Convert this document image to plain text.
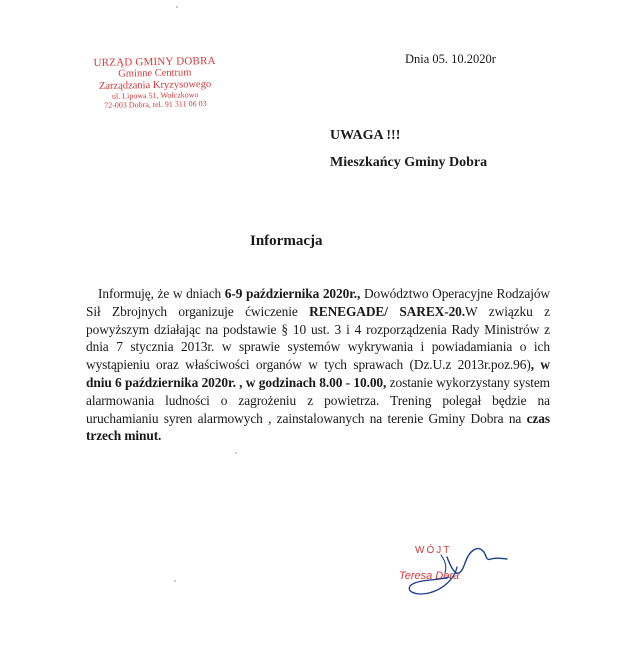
URZĄD GMINY DOBRA
Gminne Centrum
Zarządzania Kryzysowego
ul. Lipowa 51, Wołczkowo
72-003 Dobra, tel. 91 311 06 03
Dnia 05. 10.2020r
UWAGA !!!
Mieszkańcy Gminy Dobra
Informacja
Informuję, że w dniach 6-9 października 2020r., Dowództwo Operacyjne Rodzajów Sił Zbrojnych organizuje ćwiczenie RENEGADE/ SAREX-20.W związku z powyższym działając na podstawie § 10 ust. 3 i 4 rozporządzenia Rady Ministrów z dnia 7 stycznia 2013r. w sprawie systemów wykrywania i powiadamiania o ich wystąpieniu oraz właściwości organów w tych sprawach (Dz.U.z 2013r.poz.96), w dniu 6 października 2020r. , w godzinach 8.00 - 10.00, zostanie wykorzystany system alarmowania ludności o zagrożeniu z powietrza. Trening polegał będzie na uruchamianiu syren alarmowych , zainstalowanych na terenie Gminy Dobra na czas trzech minut.
WÓJT
Teresa Dera
